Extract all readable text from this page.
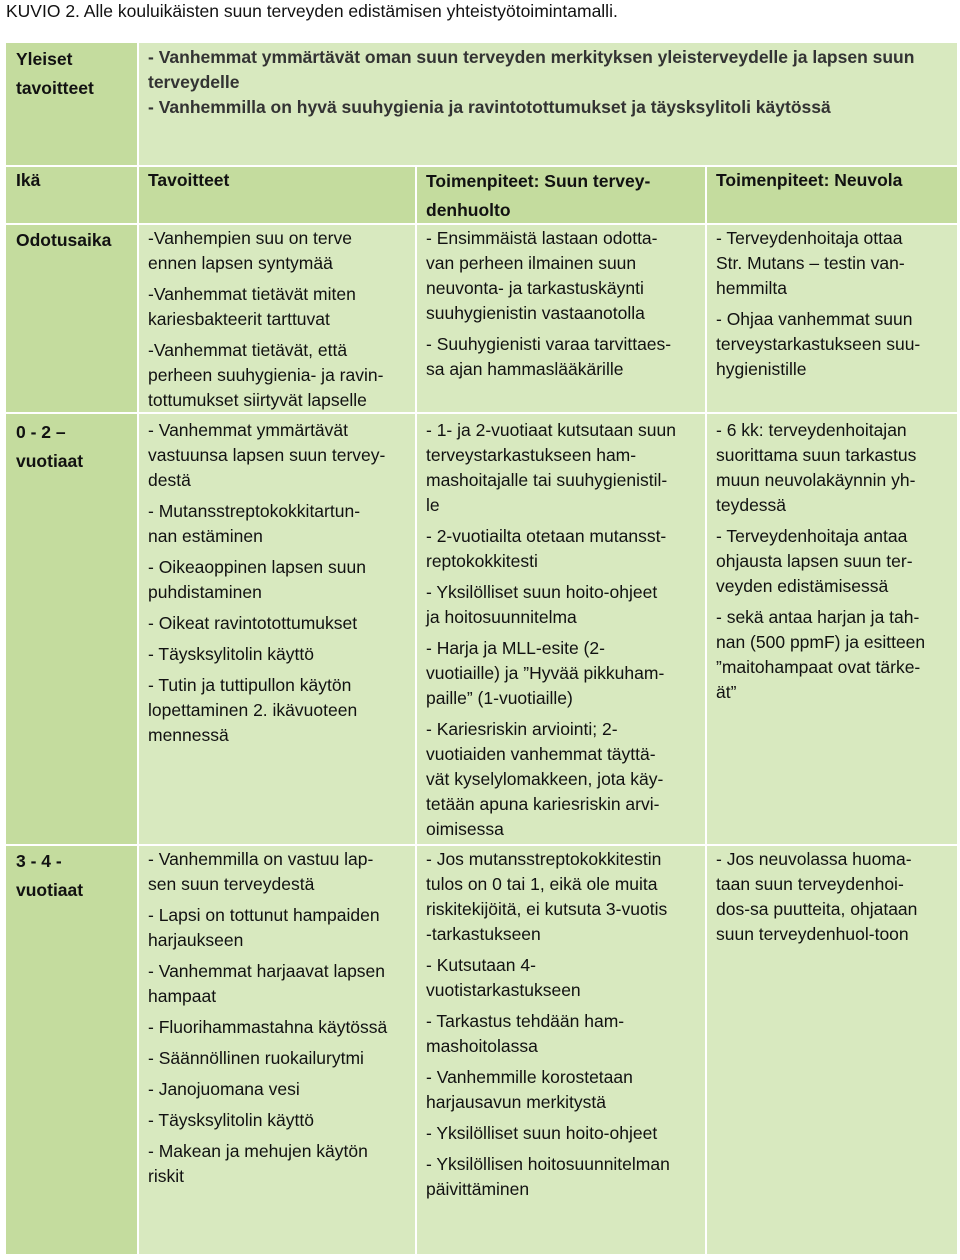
KUVIO 2. Alle kouluikäisten suun terveyden edistämisen yhteistyötoimintamalli.
Yleiset
tavoitteet
- Vanhemmat ymmärtävät oman suun terveyden merkityksen yleisterveydelle ja lapsen suun
terveydelle
- Vanhemmilla on hyvä suuhygienia ja ravintotottumukset ja täysksylitoli käytössä
Ikä	Tavoitteet	Toimenpiteet: Suun tervey-
denhuolto
Toimenpiteet: Neuvola
Odotusaika -Vanhempien suu on terve
ennen lapsen syntymää
-Vanhemmat tietävät miten
kariesbakteerit tarttuvat
-Vanhemmat tietävät, että
perheen suuhygienia- ja ravin-
tottumukset siirtyvät lapselle
- Ensimmäistä lastaan odotta-
van perheen ilmainen suun
neuvonta- ja tarkastuskäynti
suuhygienistin vastaanotolla
- Suuhygienisti varaa tarvittaes-
sa ajan hammaslääkärille
- Terveydenhoitaja ottaa
Str. Mutans – testin van-
hemmilta
- Ohjaa vanhemmat suun
terveystarkastukseen suu-
hygienistille
0 - 2 –
vuotiaat
- Vanhemmat ymmärtävät
vastuunsa lapsen suun tervey-
destä
- Mutansstreptokokkitartun-
nan estäminen
- Oikeaoppinen lapsen suun
puhdistaminen
- Oikeat ravintotottumukset
- Täysksylitolin käyttö
- Tutin ja tuttipullon käytön
lopettaminen 2. ikävuoteen
mennessä
- 1- ja 2-vuotiaat kutsutaan suun
terveystarkastukseen ham-
mashoitajalle tai suuhygienistil-
le
- 2-vuotiailta otetaan mutansst-
reptokokkitesti
- Yksilölliset suun hoito-ohjeet
ja hoitosuunnitelma
- Harja ja MLL-esite (2-
vuotiaille) ja ”Hyvää pikkuham-
paille” (1-vuotiaille)
- Kariesriskin arviointi; 2-
vuotiaiden vanhemmat täyttä-
vät kyselylomakkeen, jota käy-
tetään apuna kariesriskin arvi-
oimisessa
- 6 kk: terveydenhoitajan
suorittama suun tarkastus
muun neuvolakäynnin yh-
teydessä
- Terveydenhoitaja antaa
ohjausta lapsen suun ter-
veyden edistämisessä
- sekä antaa harjan ja tah-
nan (500 ppmF) ja esitteen
”maitohampaat ovat tärke-
ät”
3 - 4 -
vuotiaat
- Vanhemmilla on vastuu lap-
sen suun terveydestä
- Lapsi on tottunut hampaiden
harjaukseen
- Vanhemmat harjaavat lapsen
hampaat
- Fluorihammastahna käytössä
- Säännöllinen ruokailurytmi
- Janojuomana vesi
- Täysksylitolin käyttö
- Makean ja mehujen käytön
riskit
- Jos mutansstreptokokkitestin
tulos on 0 tai 1, eikä ole muita
riskitekijöitä, ei kutsuta 3-vuotis
-tarkastukseen
- Kutsutaan 4-
vuotistarkastukseen
- Tarkastus tehdään ham-
mashoitolassa
- Vanhemmille korostetaan
harjausavun merkitystä
- Yksilölliset suun hoito-ohjeet
- Yksilöllisen hoitosuunnitelman
päivittäminen
- Jos neuvolassa huoma-
taan suun terveydenhoi-
dos-sa puutteita, ohjataan
suun terveydenhuol-toon
